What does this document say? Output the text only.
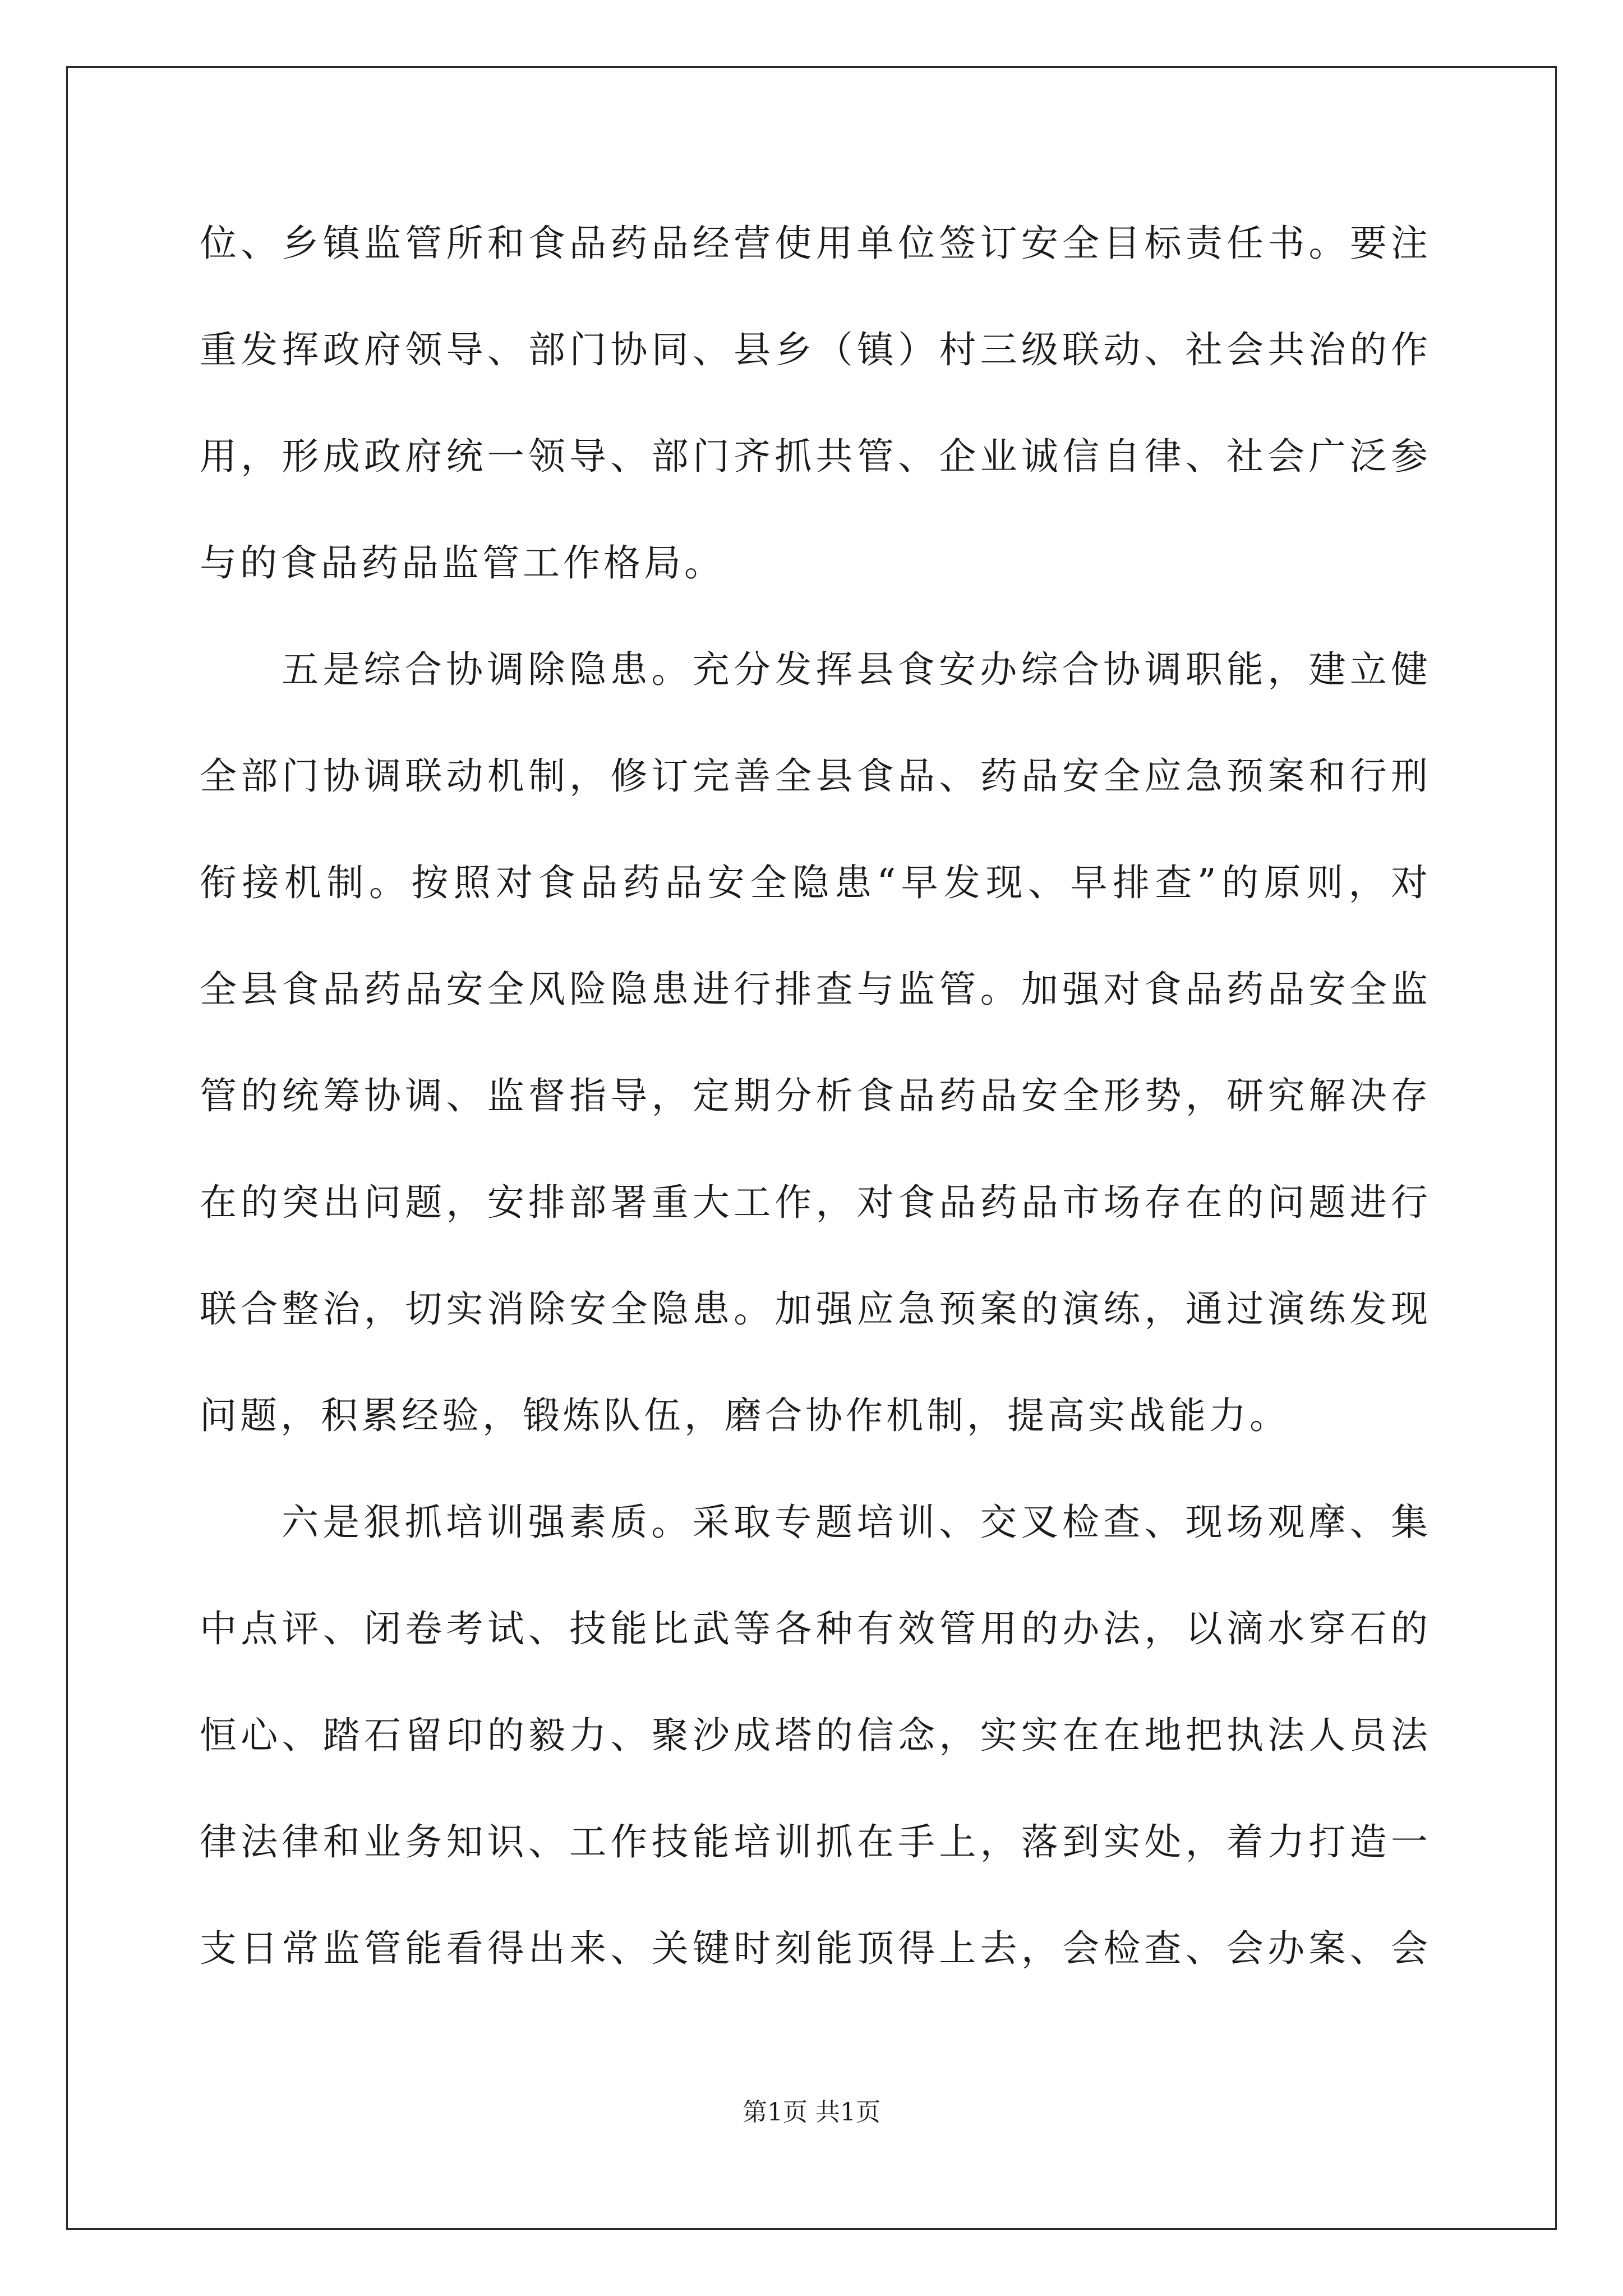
位、乡镇监管所和食品药品经营使用单位签订安全目标责任书。要注
重发挥政府领导、部门协同、县乡（镇）村三级联动、社会共治的作
用，形成政府统一领导、部门齐抓共管、企业诚信自律、社会广泛参
与的食品药品监管工作格局。
五是综合协调除隐患。充分发挥县食安办综合协调职能，建立健
全部门协调联动机制，修订完善全县食品、药品安全应急预案和行刑
衔接机制。按照对食品药品安全隐患“早发现、早排查”的原则，对
全县食品药品安全风险隐患进行排查与监管。加强对食品药品安全监
管的统筹协调、监督指导，定期分析食品药品安全形势，研究解决存
在的突出问题，安排部署重大工作，对食品药品市场存在的问题进行
联合整治，切实消除安全隐患。加强应急预案的演练，通过演练发现
问题，积累经验，锻炼队伍，磨合协作机制，提高实战能力。
六是狠抓培训强素质。采取专题培训、交叉检查、现场观摩、集
中点评、闭卷考试、技能比武等各种有效管用的办法，以滴水穿石的
恒心、踏石留印的毅力、聚沙成塔的信念，实实在在地把执法人员法
律法律和业务知识、工作技能培训抓在手上，落到实处，着力打造一
支日常监管能看得出来、关键时刻能顶得上去，会检查、会办案、会
第1页 共1页
